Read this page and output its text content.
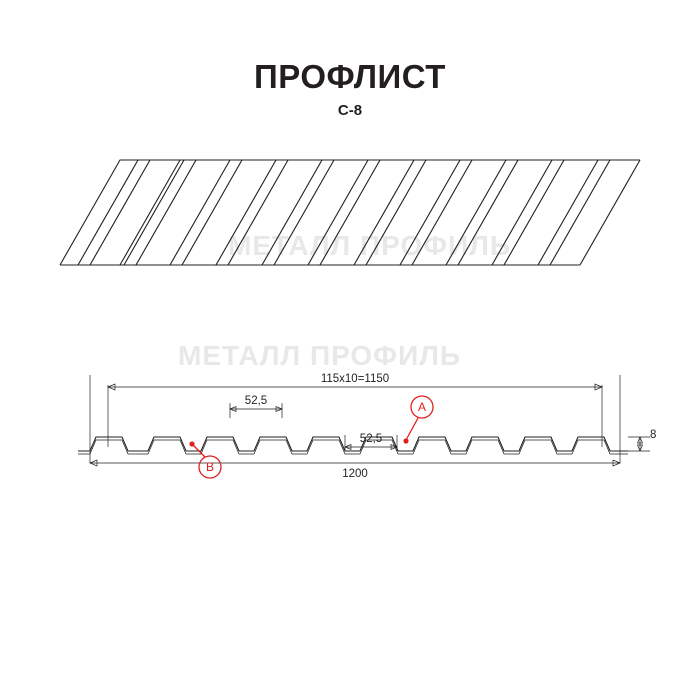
ПРОФЛИСТ
С-8
МЕТАЛЛ ПРОФИЛЬ
МЕТАЛЛ ПРОФИЛЬ
115х10=1150
1200
52,5
52,5	8
A
B
